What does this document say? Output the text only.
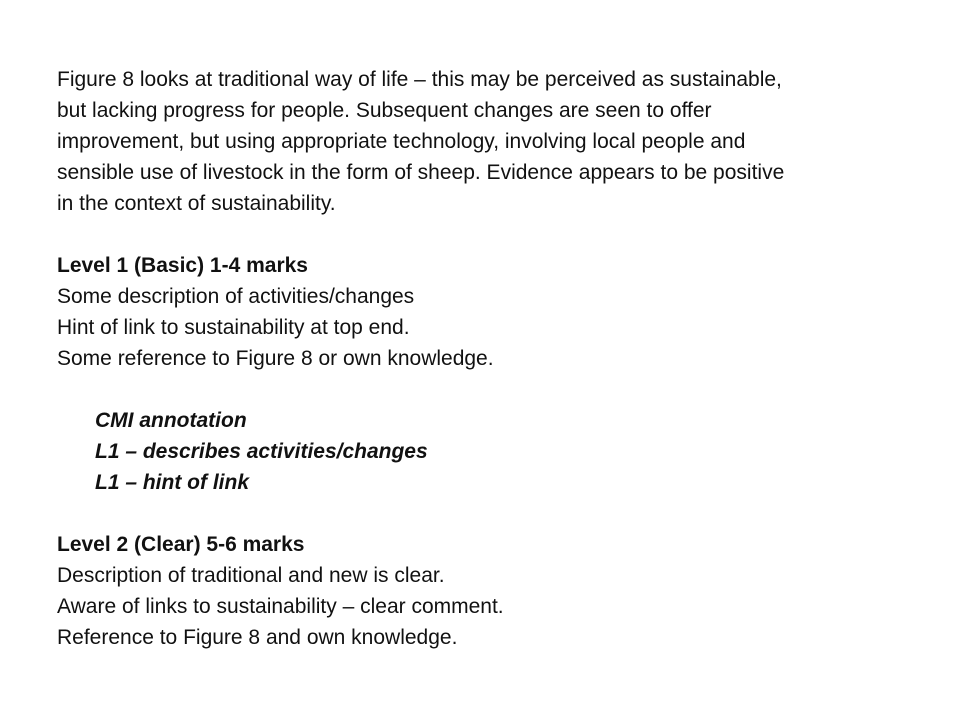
Figure 8 looks at traditional way of life – this may be perceived as sustainable,

but lacking progress for people. Subsequent changes are seen to offer

improvement, but using appropriate technology, involving local people and

sensible use of livestock in the form of sheep. Evidence appears to be positive

in the context of sustainability.

Level 1 (Basic) 1-4 marks

Some description of activities/changes

Hint of link to sustainability at top end.

Some reference to Figure 8 or own knowledge.

CMI annotation

L1 – describes activities/changes

L1 – hint of link

Level 2 (Clear) 5-6 marks

Description of traditional and new is clear.

Aware of links to sustainability – clear comment.

Reference to Figure 8 and own knowledge.
